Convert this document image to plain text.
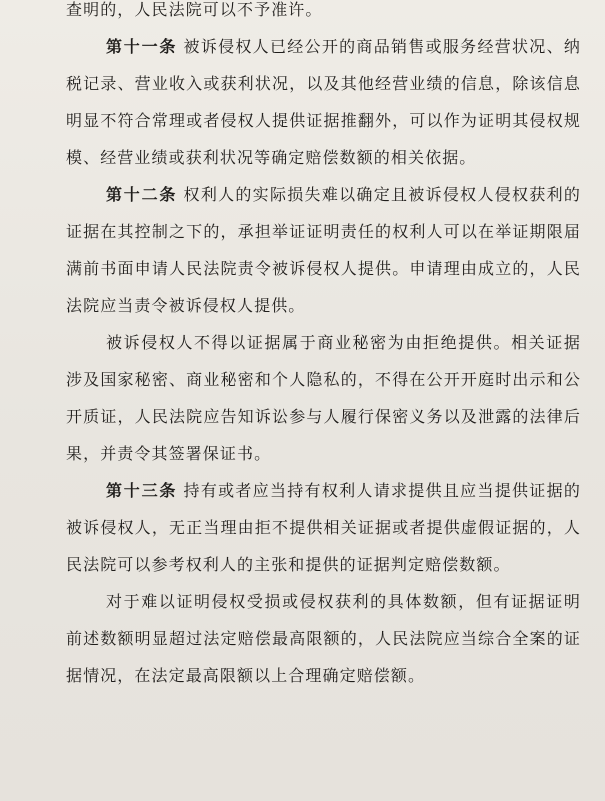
查明的，人民法院可以不予准许。

第十一条 被诉侵权人已经公开的商品销售或服务经营状况、纳税记录、营业收入或获利状况，以及其他经营业绩的信息，除该信息明显不符合常理或者侵权人提供证据推翻外，可以作为证明其侵权规模、经营业绩或获利状况等确定赔偿数额的相关依据。

第十二条 权利人的实际损失难以确定且被诉侵权人侵权获利的证据在其控制之下的，承担举证证明责任的权利人可以在举证期限届满前书面申请人民法院责令被诉侵权人提供。申请理由成立的，人民法院应当责令被诉侵权人提供。

被诉侵权人不得以证据属于商业秘密为由拒绝提供。相关证据涉及国家秘密、商业秘密和个人隐私的，不得在公开开庭时出示和公开质证，人民法院应告知诉讼参与人履行保密义务以及泄露的法律后果，并责令其签署保证书。

第十三条 持有或者应当持有权利人请求提供且应当提供证据的被诉侵权人，无正当理由拒不提供相关证据或者提供虚假证据的，人民法院可以参考权利人的主张和提供的证据判定赔偿数额。

对于难以证明侵权受损或侵权获利的具体数额，但有证据证明前述数额明显超过法定赔偿最高限额的，人民法院应当综合全案的证据情况，在法定最高限额以上合理确定赔偿额。
